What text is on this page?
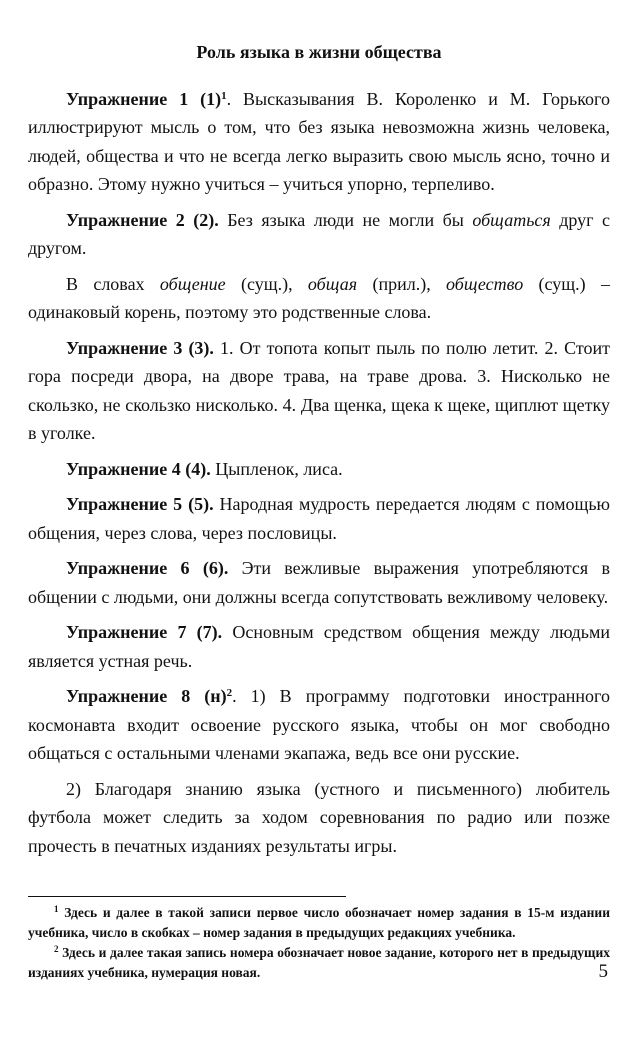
Роль языка в жизни общества

Упражнение 1 $(1)^1$. Высказывания В. Короленко и М. Горького иллюстрируют мысль о том, что без языка невозможна жизнь человека, людей, общества и что не всегда легко выразить свою мысль ясно, точно и образно. Этому нужно учиться – учиться упорно, терпеливо.

Упражнение 2 (2). Без языка люди не могли бы общаться друг с другом.

В словах общение (сущ.), общая (прил.), общество (сущ.) – одинаковый корень, поэтому это родственные слова.

Упражнение 3 (3). 1. От топота копыт пыль по полю летит. 2. Стоит гора посреди двора, на дворе трава, на траве дрова. 3. Нисколько не скользко, не скользко нисколько. 4. Два щенка, щека к щеке, щиплют щетку в уголке.

Упражнение 4 (4). Цыпленок, лиса.

Упражнение 5 (5). Народная мудрость передается людям с помощью общения, через слова, через пословицы.

Упражнение 6 (6). Эти вежливые выражения употребляются в общении с людьми, они должны всегда сопутствовать вежливому человеку.

Упражнение 7 (7). Основным средством общения между людьми является устная речь.

Упражнение 8 $(н)^2$. 1) В программу подготовки иностранного космонавта входит освоение русского языка, чтобы он мог свободно общаться с остальными членами экапажа, ведь все они русские.

2) Благодаря знанию языка (устного и письменного) любитель футбола может следить за ходом соревнования по радио или позже прочесть в печатных изданиях результаты игры.

$^1$ Здесь и далее в такой записи первое число обозначает номер задания в 15-м издании учебника, число в скобках – номер задания в предыдущих редакциях учебника.

$^2$ Здесь и далее такая запись номера обозначает новое задание, которого нет в предыдущих изданиях учебника, нумерация новая.	5
